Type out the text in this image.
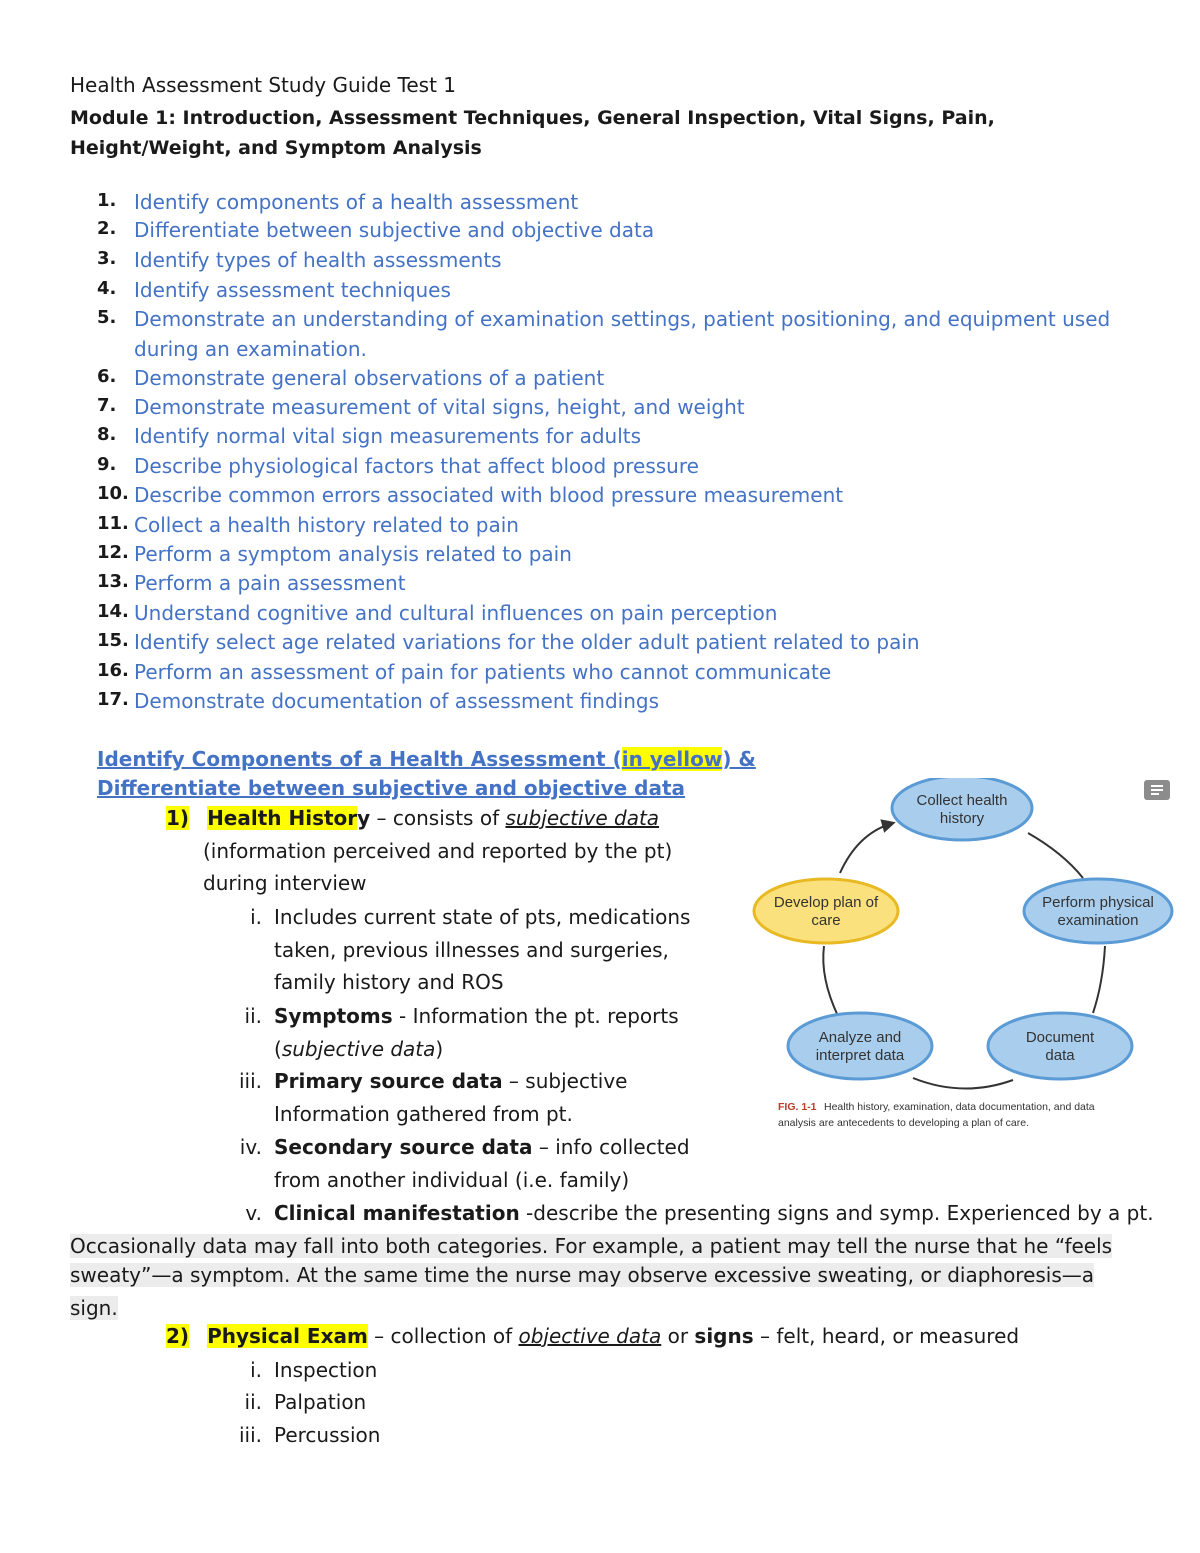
Health Assessment Study Guide Test 1
Module 1: Introduction, Assessment Techniques, General Inspection, Vital Signs, Pain, Height/Weight, and Symptom Analysis
1. Identify components of a health assessment
2. Differentiate between subjective and objective data
3. Identify types of health assessments
4. Identify assessment techniques
5. Demonstrate an understanding of examination settings, patient positioning, and equipment used
during an examination.
6. Demonstrate general observations of a patient
7. Demonstrate measurement of vital signs, height, and weight
8. Identify normal vital sign measurements for adults
9. Describe physiological factors that affect blood pressure
10. Describe common errors associated with blood pressure measurement
11. Collect a health history related to pain
12. Perform a symptom analysis related to pain
13. Perform a pain assessment
14. Understand cognitive and cultural influences on pain perception
15. Identify select age related variations for the older adult patient related to pain
16. Perform an assessment of pain for patients who cannot communicate
17. Demonstrate documentation of assessment findings
Identify Components of a Health Assessment (in yellow) &
Differentiate between subjective and objective data
1) Health History – consists of subjective data
(information perceived and reported by the pt)
during interview
i. Includes current state of pts, medications
taken, previous illnesses and surgeries,
family history and ROS
ii. Symptoms - Information the pt. reports
(subjective data)
iii. Primary source data – subjective
Information gathered from pt.
iv. Secondary source data – info collected
from another individual (i.e. family)
v. Clinical manifestation -describe the presenting signs and symp. Experienced by a pt.
Occasionally data may fall into both categories. For example, a patient may tell the nurse that he “feels
sweaty”—a symptom. At the same time the nurse may observe excessive sweating, or diaphoresis—a
sign.
2) Physical Exam – collection of objective data or signs – felt, heard, or measured
i. Inspection
ii. Palpation
iii. Percussion
Collect health
history
Perform physical
examination
Document
data
Analyze and
interpret data
Develop plan of
care
FIG. 1-1 Health history, examination, data documentation, and data
analysis are antecedents to developing a plan of care.
